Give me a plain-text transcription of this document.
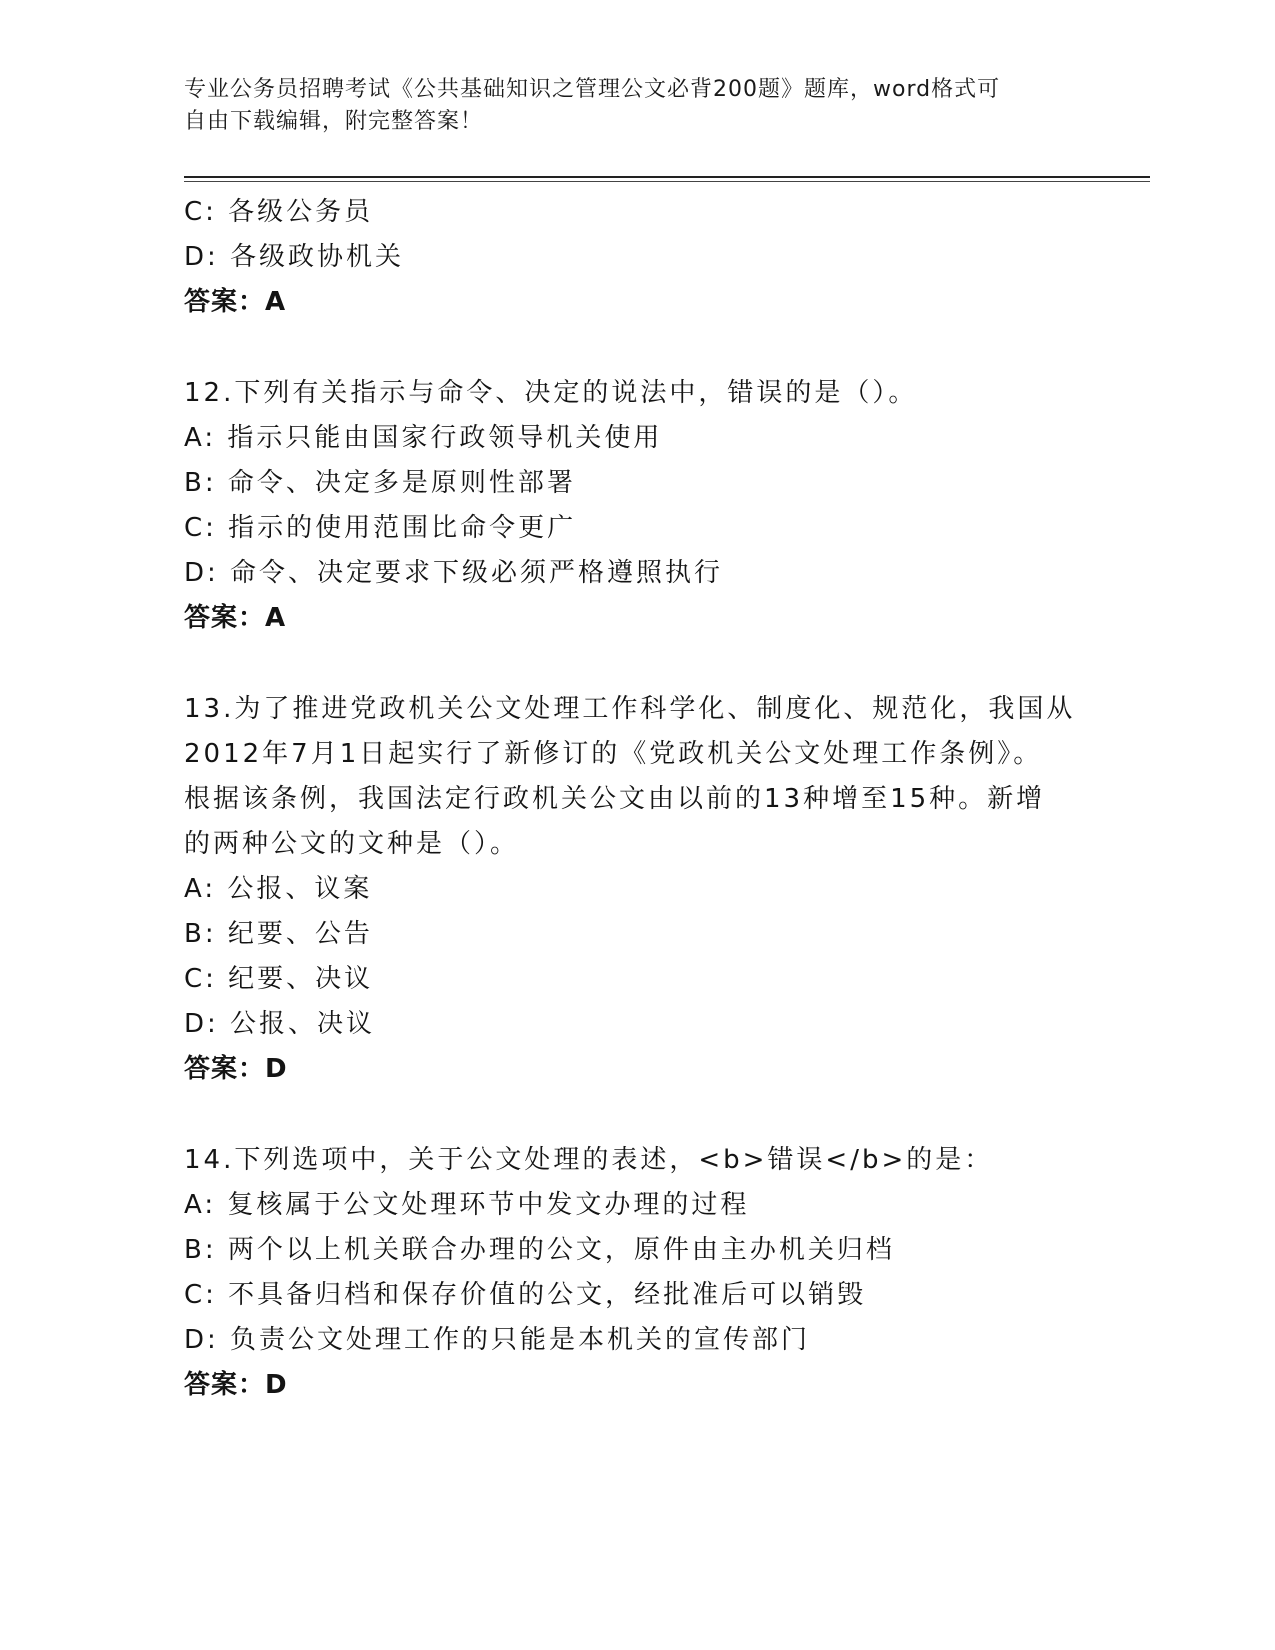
专业公务员招聘考试《公共基础知识之管理公文必背200题》题库，word格式可
自由下载编辑，附完整答案！
C: 各级公务员
D: 各级政协机关
答案：A
12.下列有关指示与命令、决定的说法中，错误的是（）。
A: 指示只能由国家行政领导机关使用
B: 命令、决定多是原则性部署
C: 指示的使用范围比命令更广
D: 命令、决定要求下级必须严格遵照执行
答案：A
13.为了推进党政机关公文处理工作科学化、制度化、规范化，我国从
2012年7月1日起实行了新修订的《党政机关公文处理工作条例》。
根据该条例，我国法定行政机关公文由以前的13种增至15种。新增
的两种公文的文种是（）。
A: 公报、议案
B: 纪要、公告
C: 纪要、决议
D: 公报、决议
答案：D
14.下列选项中，关于公文处理的表述，<b>错误</b>的是：
A: 复核属于公文处理环节中发文办理的过程
B: 两个以上机关联合办理的公文，原件由主办机关归档
C: 不具备归档和保存价值的公文，经批准后可以销毁
D: 负责公文处理工作的只能是本机关的宣传部门
答案：D
